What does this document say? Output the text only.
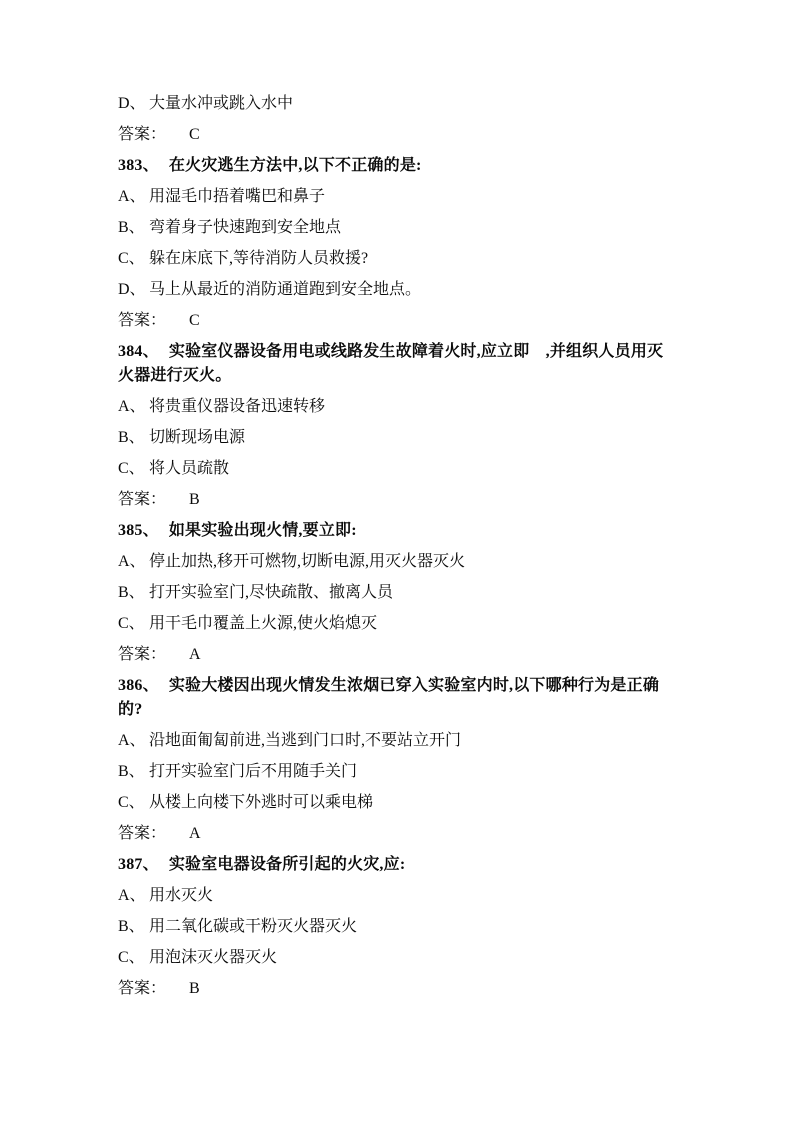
D、 大量水冲或跳入水中

答案： C

383、 在火灾逃生方法中,以下不正确的是:

A、 用湿毛巾捂着嘴巴和鼻子

B、 弯着身子快速跑到安全地点

C、 躲在床底下,等待消防人员救援?

D、 马上从最近的消防通道跑到安全地点。

答案： C

384、 实验室仪器设备用电或线路发生故障着火时,应立即　,并组织人员用灭火器进行灭火。

A、 将贵重仪器设备迅速转移

B、 切断现场电源

C、 将人员疏散

答案： B

385、 如果实验出现火情,要立即:

A、 停止加热,移开可燃物,切断电源,用灭火器灭火

B、 打开实验室门,尽快疏散、撤离人员

C、 用干毛巾覆盖上火源,使火焰熄灭

答案： A

386、 实验大楼因出现火情发生浓烟已穿入实验室内时,以下哪种行为是正确的?

A、 沿地面匍匐前进,当逃到门口时,不要站立开门

B、 打开实验室门后不用随手关门

C、 从楼上向楼下外逃时可以乘电梯

答案： A

387、 实验室电器设备所引起的火灾,应:

A、 用水灭火

B、 用二氧化碳或干粉灭火器灭火

C、 用泡沫灭火器灭火

答案： B
